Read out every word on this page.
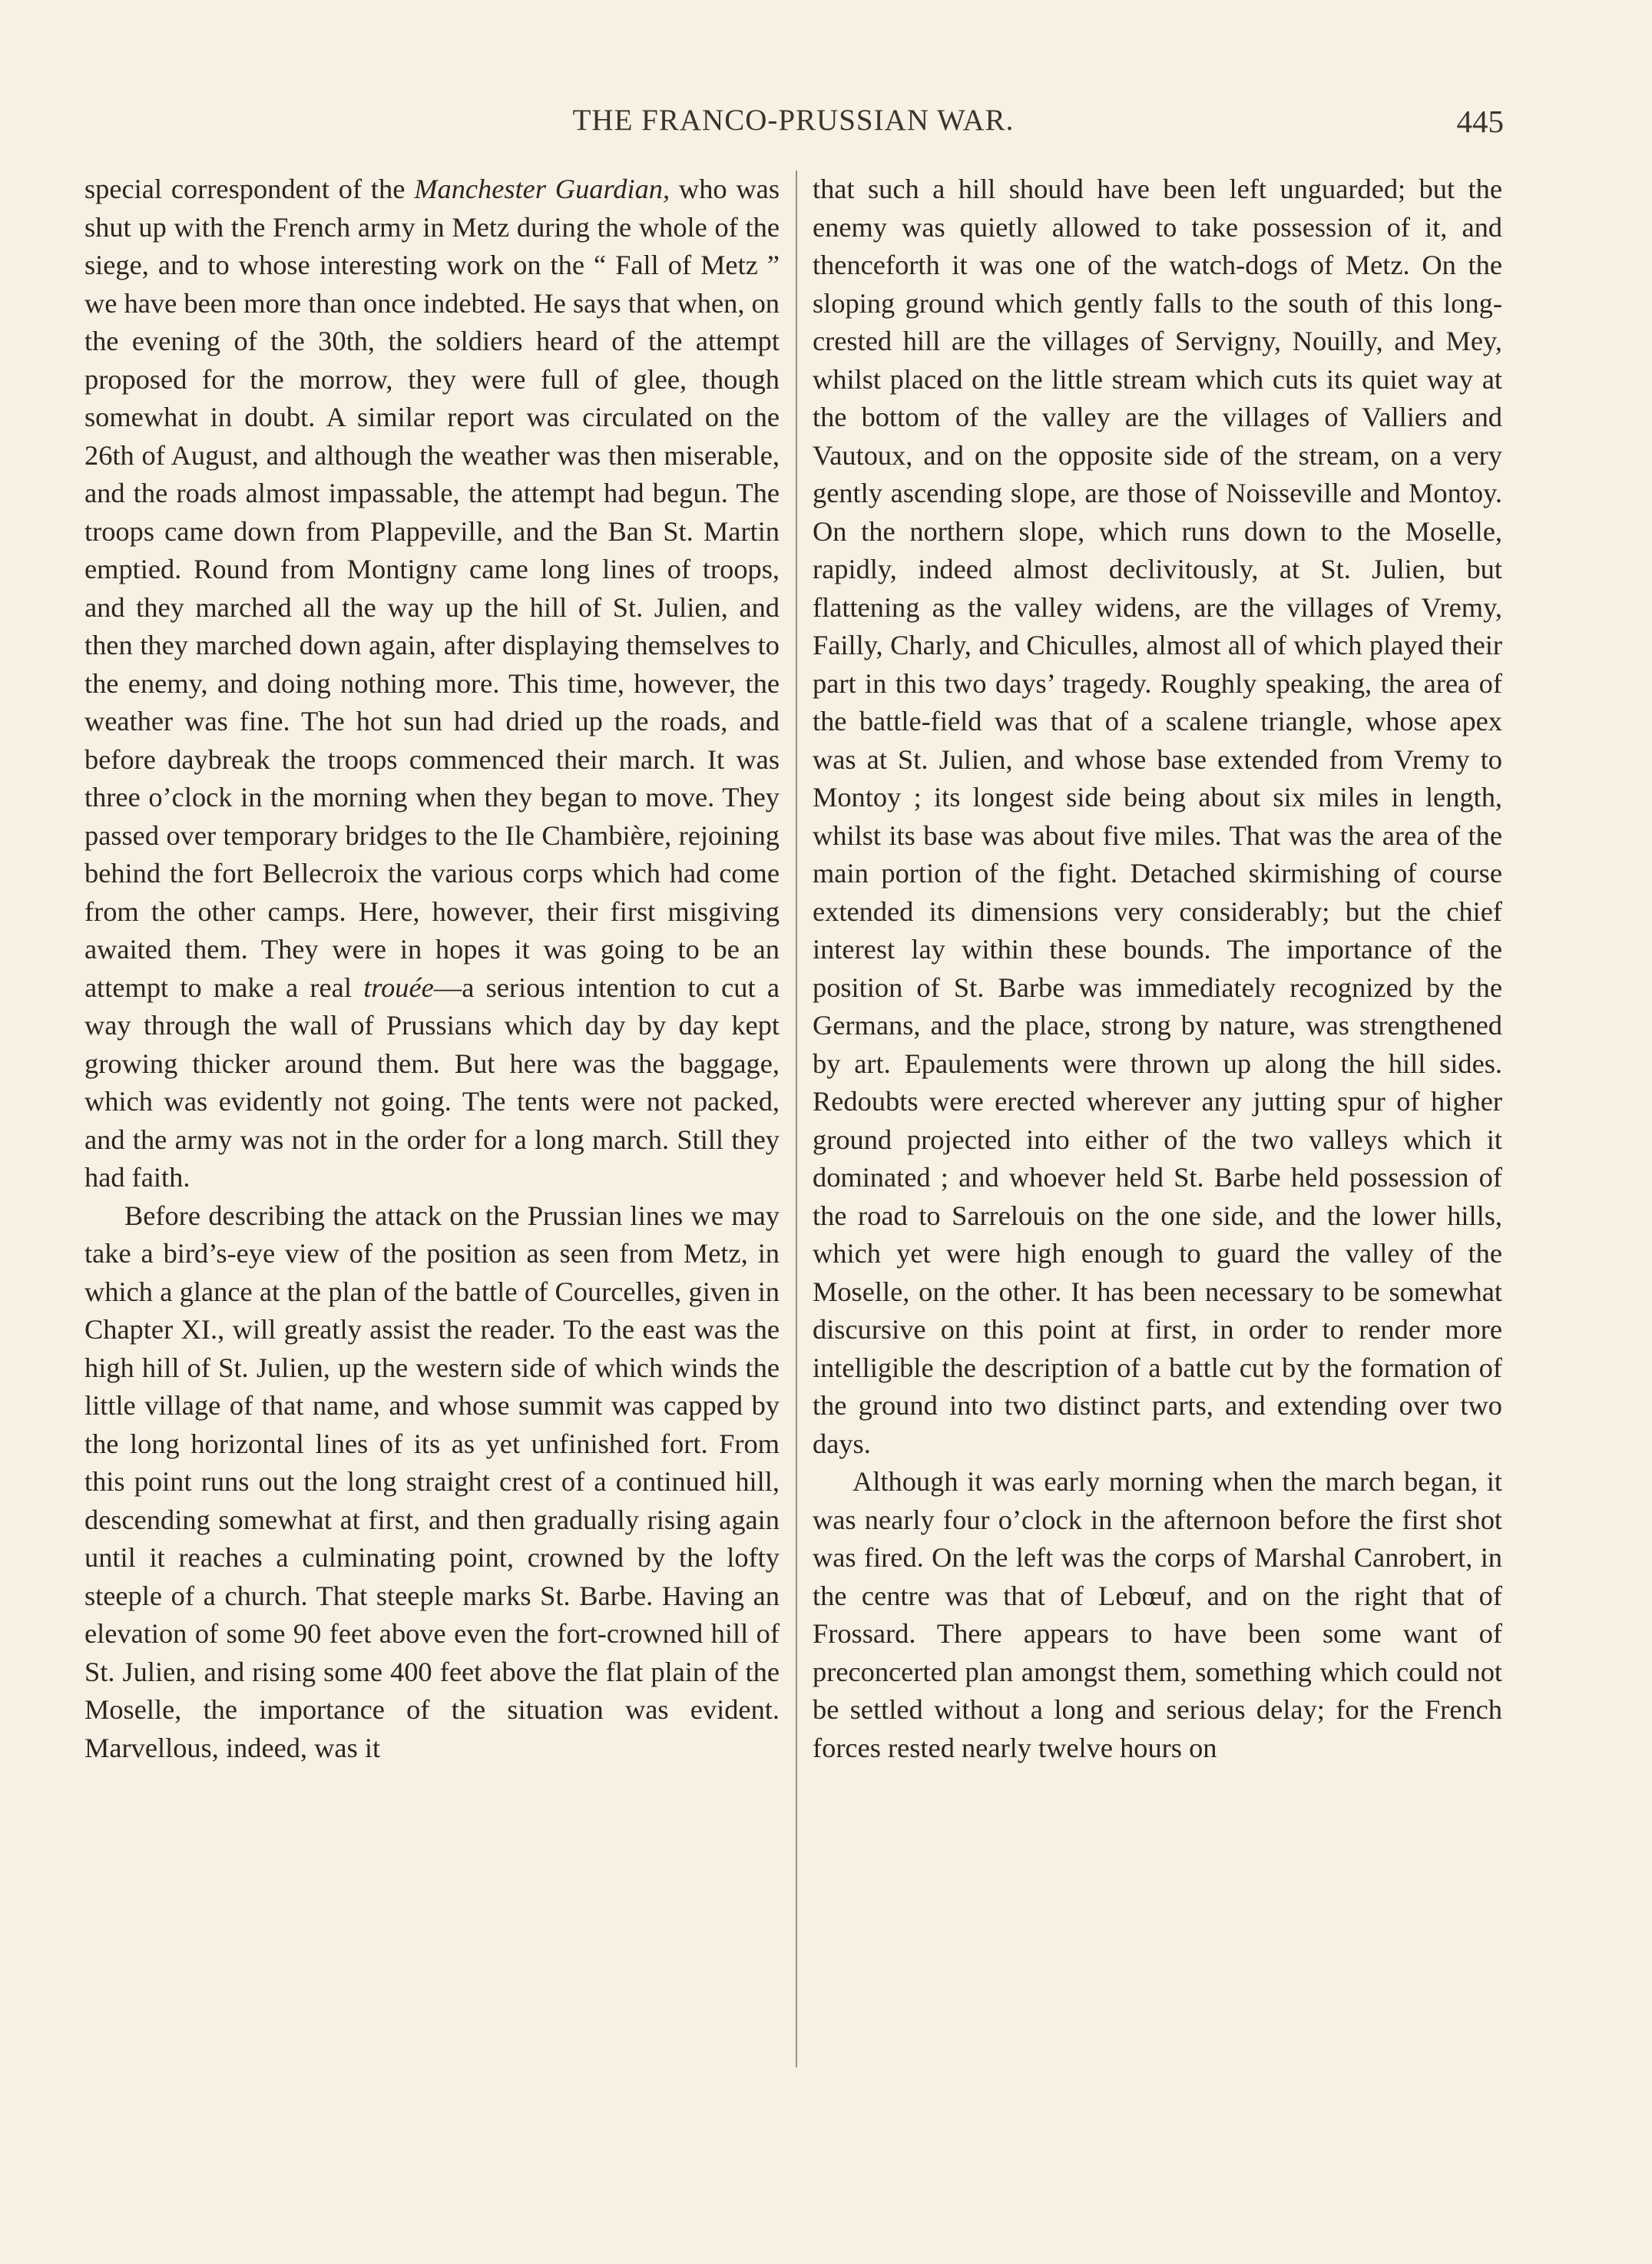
THE FRANCO-PRUSSIAN WAR.	445

special correspondent of the Manchester Guardian, who was shut up with the French army in Metz during the whole of the siege, and to whose interesting work on the “ Fall of Metz ” we have been more than once indebted. He says that when, on the evening of the 30th, the soldiers heard of the attempt proposed for the morrow, they were full of glee, though somewhat in doubt. A similar report was circulated on the 26th of August, and although the weather was then miserable, and the roads almost impassable, the attempt had begun. The troops came down from Plappeville, and the Ban St. Martin emptied. Round from Montigny came long lines of troops, and they marched all the way up the hill of St. Julien, and then they marched down again, after displaying themselves to the enemy, and doing nothing more. This time, however, the weather was fine. The hot sun had dried up the roads, and before daybreak the troops commenced their march. It was three o’clock in the morning when they began to move. They passed over temporary bridges to the Ile Chambière, rejoining behind the fort Bellecroix the various corps which had come from the other camps. Here, however, their first misgiving awaited them. They were in hopes it was going to be an attempt to make a real trouée—a serious intention to cut a way through the wall of Prussians which day by day kept growing thicker around them. But here was the baggage, which was evidently not going. The tents were not packed, and the army was not in the order for a long march. Still they had faith.

Before describing the attack on the Prussian lines we may take a bird’s-eye view of the position as seen from Metz, in which a glance at the plan of the battle of Courcelles, given in Chapter XI., will greatly assist the reader. To the east was the high hill of St. Julien, up the western side of which winds the little village of that name, and whose summit was capped by the long horizontal lines of its as yet unfinished fort. From this point runs out the long straight crest of a continued hill, descending somewhat at first, and then gradually rising again until it reaches a culminating point, crowned by the lofty steeple of a church. That steeple marks St. Barbe. Having an elevation of some 90 feet above even the fort-crowned hill of St. Julien, and rising some 400 feet above the flat plain of the Moselle, the importance of the situation was evident. Marvellous, indeed, was it

that such a hill should have been left unguarded; but the enemy was quietly allowed to take possession of it, and thenceforth it was one of the watch-dogs of Metz. On the sloping ground which gently falls to the south of this long-crested hill are the villages of Servigny, Nouilly, and Mey, whilst placed on the little stream which cuts its quiet way at the bottom of the valley are the villages of Valliers and Vautoux, and on the opposite side of the stream, on a very gently ascending slope, are those of Noisseville and Montoy. On the northern slope, which runs down to the Moselle, rapidly, indeed almost declivitously, at St. Julien, but flattening as the valley widens, are the villages of Vremy, Failly, Charly, and Chiculles, almost all of which played their part in this two days’ tragedy. Roughly speaking, the area of the battle-field was that of a scalene triangle, whose apex was at St. Julien, and whose base extended from Vremy to Montoy ; its longest side being about six miles in length, whilst its base was about five miles. That was the area of the main portion of the fight. Detached skirmishing of course extended its dimensions very considerably; but the chief interest lay within these bounds. The importance of the position of St. Barbe was immediately recognized by the Germans, and the place, strong by nature, was strengthened by art. Epaulements were thrown up along the hill sides. Redoubts were erected wherever any jutting spur of higher ground projected into either of the two valleys which it dominated ; and whoever held St. Barbe held possession of the road to Sarrelouis on the one side, and the lower hills, which yet were high enough to guard the valley of the Moselle, on the other. It has been necessary to be somewhat discursive on this point at first, in order to render more intelligible the description of a battle cut by the formation of the ground into two distinct parts, and extending over two days.

Although it was early morning when the march began, it was nearly four o’clock in the afternoon before the first shot was fired. On the left was the corps of Marshal Canrobert, in the centre was that of Lebœuf, and on the right that of Frossard. There appears to have been some want of preconcerted plan amongst them, something which could not be settled without a long and serious delay; for the French forces rested nearly twelve hours on
